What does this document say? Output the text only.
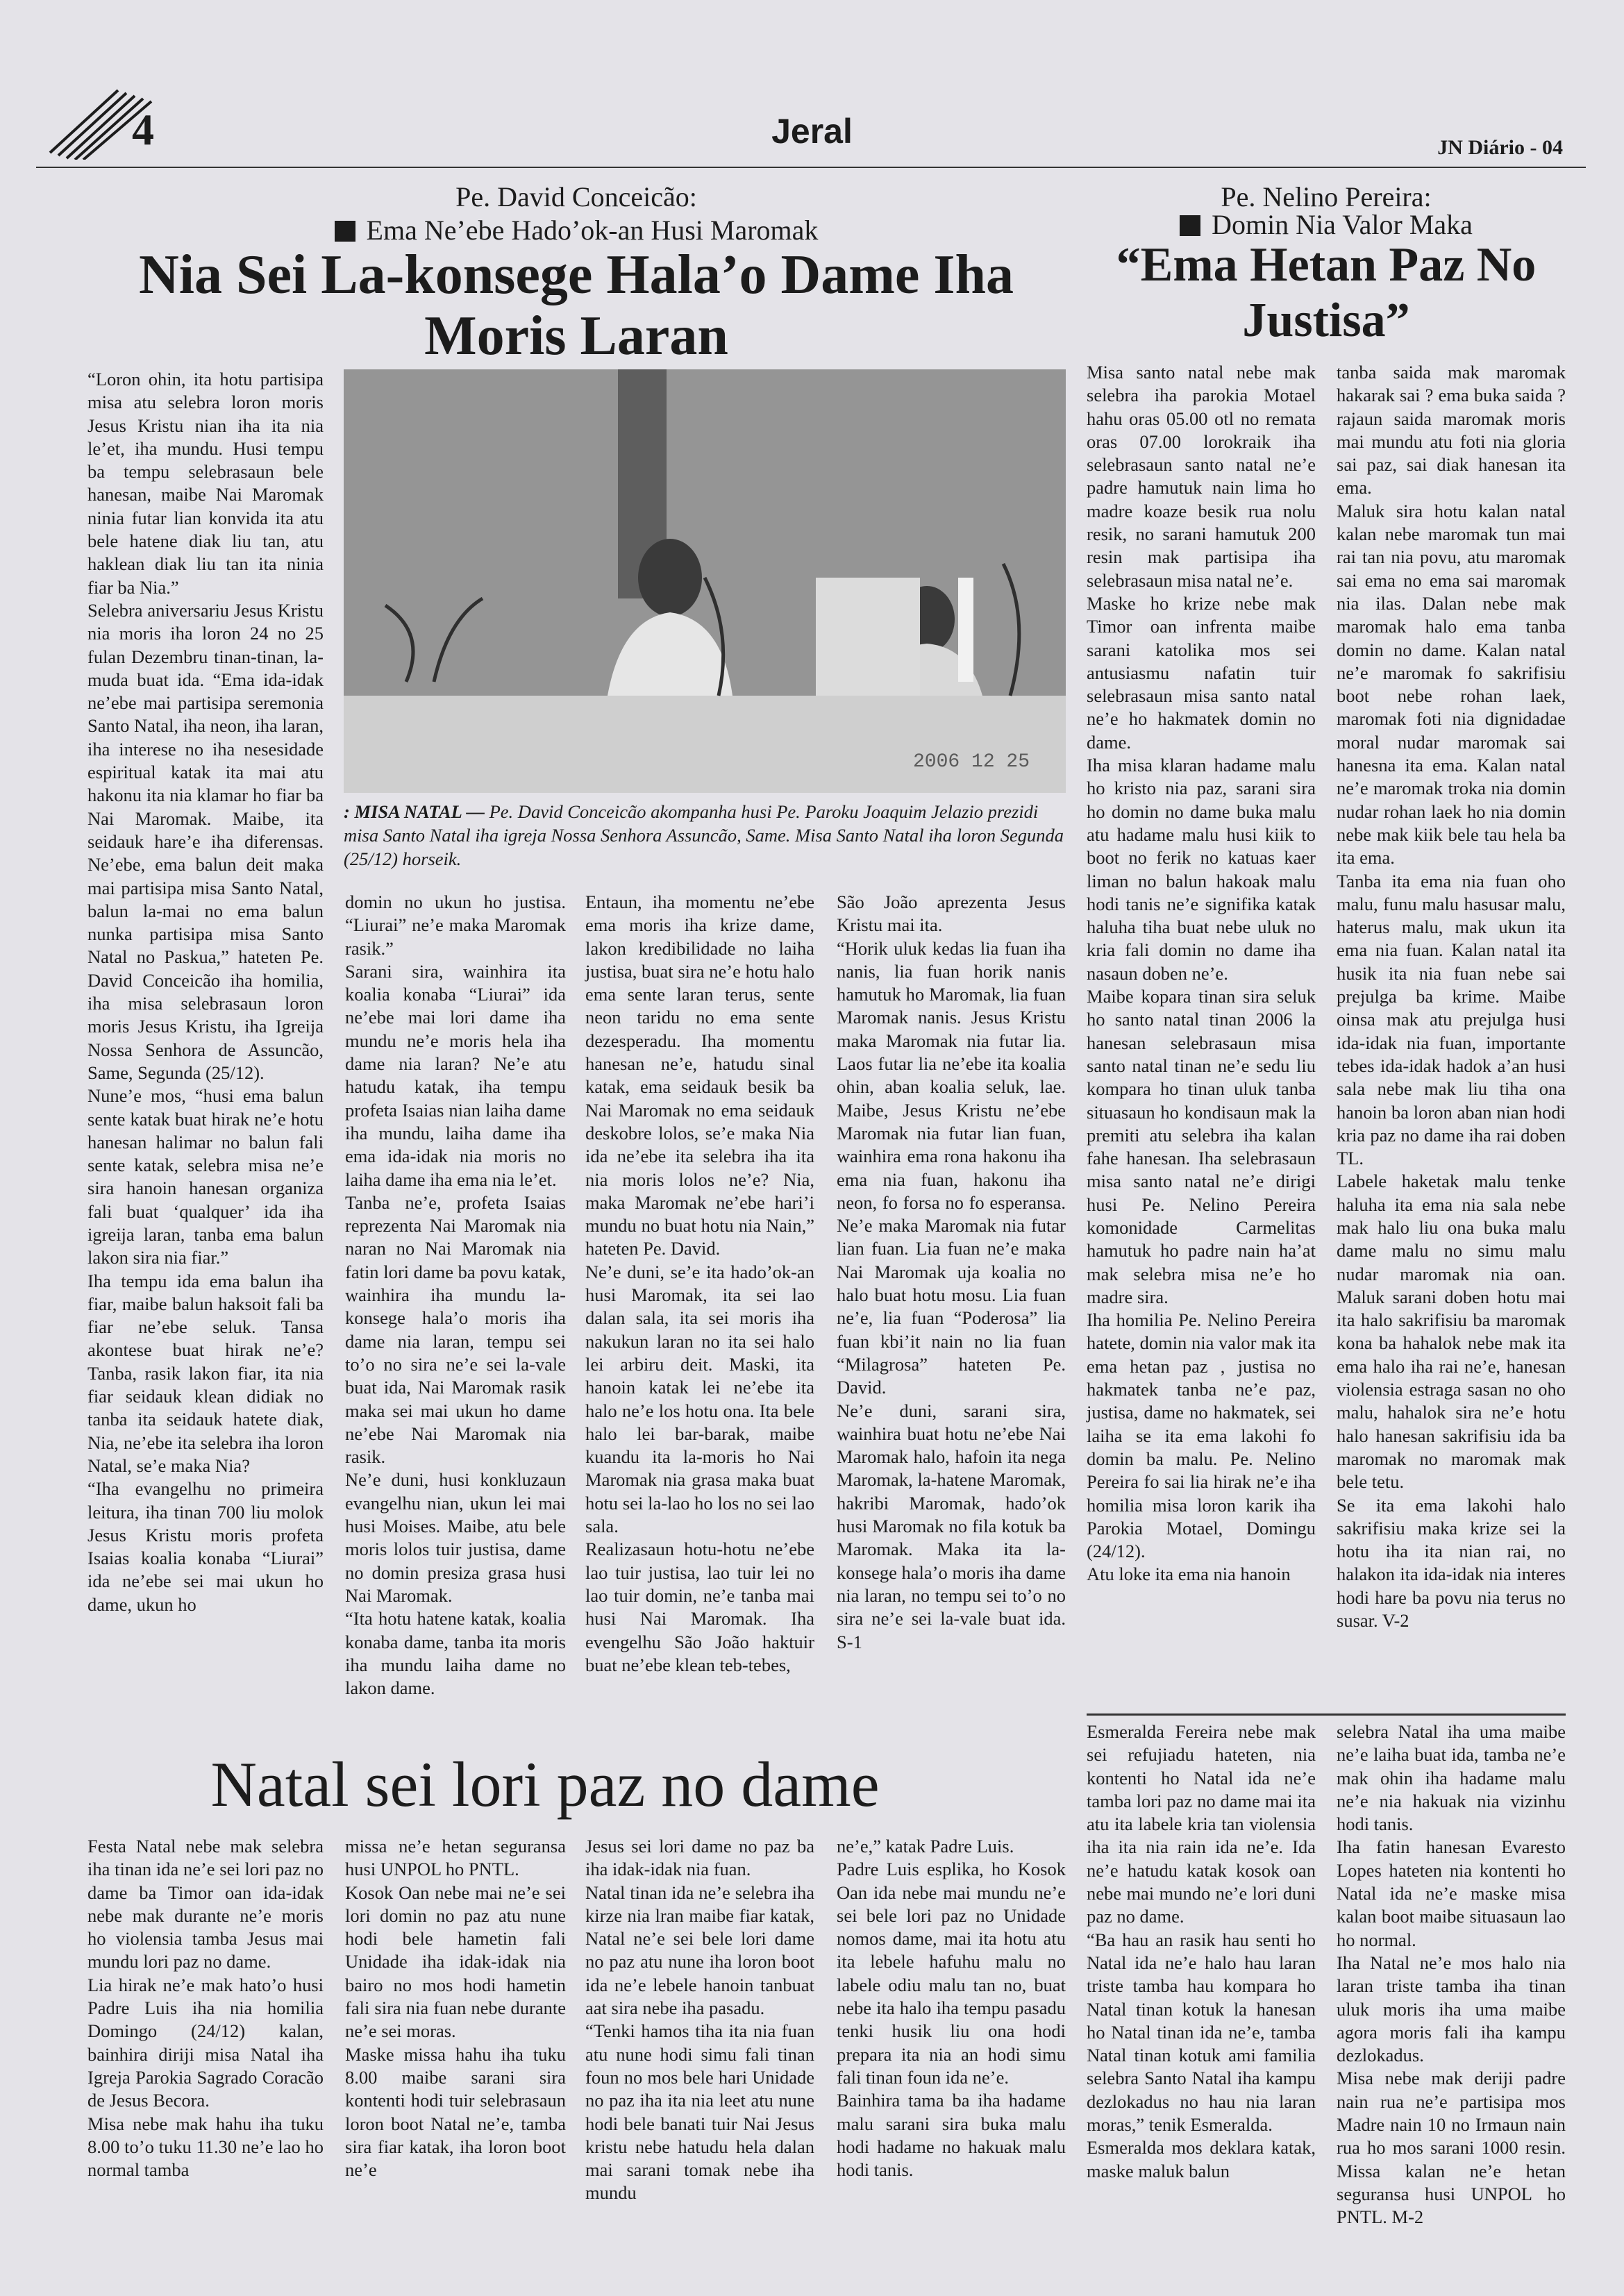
4	Jeral	JN Diário - 04
Pe. David Conceicão:
Ema Ne’ebe Hado’ok-an Husi Maromak
Nia Sei La-konsege Hala’o Dame Iha
Moris Laran
2006 12 25
: MISA NATAL — Pe. David Conceicão akompanha husi Pe. Paroku Joaquim Jelazio prezidi misa Santo Natal iha igreja Nossa Senhora Assuncão, Same. Misa Santo Natal iha loron Segunda (25/12) horseik.

“Loron ohin, ita hotu partisipa misa atu selebra loron moris Jesus Kristu nian iha ita nia le’et, iha mundu. Husi tempu ba tempu selebrasaun bele hanesan, maibe Nai Maromak ninia futar lian konvida ita atu bele hatene diak liu tan, atu haklean diak liu tan ita ninia fiar ba Nia.”

Selebra aniversariu Jesus Kristu nia moris iha loron 24 no 25 fulan Dezembru tinan-tinan, la-muda buat ida. “Ema ida-idak ne’ebe mai partisipa seremonia Santo Natal, iha neon, iha laran, iha interese no iha nesesidade espiritual katak ita mai atu hakonu ita nia klamar ho fiar ba Nai Maromak. Maibe, ita seidauk hare’e iha diferensas. Ne’ebe, ema balun deit maka mai partisipa misa Santo Natal, balun la-mai no ema balun nunka partisipa misa Santo Natal no Paskua,” hateten Pe. David Conceicão iha homilia, iha misa selebrasaun loron moris Jesus Kristu, iha Igreija Nossa Senhora de Assuncão, Same, Segunda (25/12).

Nune’e mos, “husi ema balun sente katak buat hirak ne’e hotu hanesan halimar no balun fali sente katak, selebra misa ne’e sira hanoin hanesan organiza fali buat ‘qualquer’ ida iha igreija laran, tanba ema balun lakon sira nia fiar.”

Iha tempu ida ema balun iha fiar, maibe balun haksoit fali ba fiar ne’ebe seluk. Tansa akontese buat hirak ne’e? Tanba, rasik lakon fiar, ita nia fiar seidauk klean didiak no tanba ita seidauk hatete diak, Nia, ne’ebe ita selebra iha loron Natal, se’e maka Nia?

“Iha evangelhu no primeira leitura, iha tinan 700 liu molok Jesus Kristu moris profeta Isaias koalia konaba “Liurai” ida ne’ebe sei mai ukun ho dame, ukun ho

domin no ukun ho justisa. “Liurai” ne’e maka Maromak rasik.”

Sarani sira, wainhira ita koalia konaba “Liurai” ida ne’ebe mai lori dame iha mundu ne’e moris hela iha dame nia laran? Ne’e atu hatudu katak, iha tempu profeta Isaias nian laiha dame iha mundu, laiha dame iha ema ida-idak nia moris no laiha dame iha ema nia le’et.

Tanba ne’e, profeta Isaias reprezenta Nai Maromak nia naran no Nai Maromak nia fatin lori dame ba povu katak, wainhira iha mundu la-konsege hala’o moris iha dame nia laran, tempu sei to’o no sira ne’e sei la-vale buat ida, Nai Maromak rasik maka sei mai ukun ho dame ne’ebe Nai Maromak nia rasik.

Ne’e duni, husi konkluzaun evangelhu nian, ukun lei mai husi Moises. Maibe, atu bele moris lolos tuir justisa, dame no domin presiza grasa husi Nai Maromak.

“Ita hotu hatene katak, koalia konaba dame, tanba ita moris iha mundu laiha dame no lakon dame.

Entaun, iha momentu ne’ebe ema moris iha krize dame, lakon kredibilidade no laiha justisa, buat sira ne’e hotu halo ema sente laran terus, sente neon taridu no ema sente dezesperadu. Iha momentu hanesan ne’e, hatudu sinal katak, ema seidauk besik ba Nai Maromak no ema seidauk deskobre lolos, se’e maka Nia ida ne’ebe ita selebra iha ita nia moris lolos ne’e? Nia, maka Maromak ne’ebe hari’i mundu no buat hotu nia Nain,” hateten Pe. David.

Ne’e duni, se’e ita hado’ok-an husi Maromak, ita sei lao dalan sala, ita sei moris iha nakukun laran no ita sei halo lei arbiru deit. Maski, ita hanoin katak lei ne’ebe ita halo ne’e los hotu ona. Ita bele halo lei bar-barak, maibe kuandu ita la-moris ho Nai Maromak nia grasa maka buat hotu sei la-lao ho los no sei lao sala.

Realizasaun hotu-hotu ne’ebe lao tuir justisa, lao tuir lei no lao tuir domin, ne’e tanba mai husi Nai Maromak. Iha evengelhu São João haktuir buat ne’ebe klean teb-tebes,

São João aprezenta Jesus Kristu mai ita.

“Horik uluk kedas lia fuan iha nanis, lia fuan horik nanis hamutuk ho Maromak, lia fuan Maromak nanis. Jesus Kristu maka Maromak nia futar lia. Laos futar lia ne’ebe ita koalia ohin, aban koalia seluk, lae. Maibe, Jesus Kristu ne’ebe Maromak nia futar lian fuan, wainhira ema rona hakonu iha ema nia fuan, hakonu iha neon, fo forsa no fo esperansa. Ne’e maka Maromak nia futar lian fuan. Lia fuan ne’e maka Nai Maromak uja koalia no halo buat hotu mosu. Lia fuan ne’e, lia fuan “Poderosa” lia fuan kbi’it nain no lia fuan “Milagrosa” hateten Pe. David.

Ne’e duni, sarani sira, wainhira buat hotu ne’ebe Nai Maromak halo, hafoin ita nega Maromak, la-hatene Maromak, hakribi Maromak, hado’ok husi Maromak no fila kotuk ba Maromak. Maka ita la-konsege hala’o moris iha dame nia laran, no tempu sei to’o no sira ne’e sei la-vale buat ida. S-1

Pe. Nelino Pereira:
Domin Nia Valor Maka
“Ema Hetan Paz No
Justisa”

Misa santo natal nebe mak selebra iha parokia Motael hahu oras 05.00 otl no remata oras 07.00 lorokraik iha selebrasaun santo natal ne’e padre hamutuk nain lima ho madre koaze besik rua nolu resik, no sarani hamutuk 200 resin mak partisipa iha selebrasaun misa natal ne’e.

Maske ho krize nebe mak Timor oan infrenta maibe sarani katolika mos sei antusiasmu nafatin tuir selebrasaun misa santo natal ne’e ho hakmatek domin no dame.

Iha misa klaran hadame malu ho kristo nia paz, sarani sira ho domin no dame buka malu atu hadame malu husi kiik to boot no ferik no katuas kaer liman no balun hakoak malu hodi tanis ne’e signifika katak haluha tiha buat nebe uluk no kria fali domin no dame iha nasaun doben ne’e.

Maibe kopara tinan sira seluk ho santo natal tinan 2006 la hanesan selebrasaun misa santo natal tinan ne’e sedu liu kompara ho tinan uluk tanba situasaun ho kondisaun mak la premiti atu selebra iha kalan fahe hanesan. Iha selebrasaun misa santo natal ne’e dirigi husi Pe. Nelino Pereira komonidade Carmelitas hamutuk ho padre nain ha’at mak selebra misa ne’e ho madre sira.

Iha homilia Pe. Nelino Pereira hatete, domin nia valor mak ita ema hetan paz , justisa no hakmatek tanba ne’e paz, justisa, dame no hakmatek, sei laiha se ita ema lakohi fo domin ba malu. Pe. Nelino Pereira fo sai lia hirak ne’e iha homilia misa loron karik iha Parokia Motael, Domingu (24/12).

Atu loke ita ema nia hanoin

tanba saida mak maromak hakarak sai ? ema buka saida ? rajaun saida maromak moris mai mundu atu foti nia gloria sai paz, sai diak hanesan ita ema.

Maluk sira hotu kalan natal kalan nebe maromak tun mai rai tan nia povu, atu maromak sai ema no ema sai maromak nia ilas. Dalan nebe mak maromak halo ema tanba domin no dame. Kalan natal ne’e maromak fo sakrifisiu boot nebe rohan laek, maromak foti nia dignidadae moral nudar maromak sai hanesna ita ema. Kalan natal ne’e maromak troka nia domin nudar rohan laek ho nia domin nebe mak kiik bele tau hela ba ita ema.

Tanba ita ema nia fuan oho malu, funu malu hasusar malu, haterus malu, mak ukun ita ema nia fuan. Kalan natal ita husik ita nia fuan nebe sai prejulga ba krime. Maibe oinsa mak atu prejulga husi ida-idak nia fuan, importante tebes ida-idak hadok a’an husi sala nebe mak liu tiha ona hanoin ba loron aban nian hodi kria paz no dame iha rai doben TL.

Labele haketak malu tenke haluha ita ema nia sala nebe mak halo liu ona buka malu dame malu no simu malu nudar maromak nia oan. Maluk sarani doben hotu mai ita halo sakrifisiu ba maromak kona ba hahalok nebe mak ita ema halo iha rai ne’e, hanesan violensia estraga sasan no oho malu, hahalok sira ne’e hotu halo hanesan sakrifisiu ida ba maromak no maromak mak bele tetu.

Se ita ema lakohi halo sakrifisiu maka krize sei la hotu iha ita nian rai, no halakon ita ida-idak nia interes hodi hare ba povu nia terus no susar. V-2

Natal sei lori paz no dame

Festa Natal nebe mak selebra iha tinan ida ne’e sei lori paz no dame ba Timor oan ida-idak nebe mak durante ne’e moris ho violensia tamba Jesus mai mundu lori paz no dame.

Lia hirak ne’e mak hato’o husi Padre Luis iha nia homilia Domingo (24/12) kalan, bainhira diriji misa Natal iha Igreja Parokia Sagrado Coracão de Jesus Becora.

Misa nebe mak hahu iha tuku 8.00 to’o tuku 11.30 ne’e lao ho normal tamba

missa ne’e hetan seguransa husi UNPOL ho PNTL.

Kosok Oan nebe mai ne’e sei lori domin no paz atu nune hodi bele hametin fali Unidade iha idak-idak nia bairo no mos hodi hametin fali sira nia fuan nebe durante ne’e sei moras.

Maske missa hahu iha tuku 8.00 maibe sarani sira kontenti hodi tuir selebrasaun loron boot Natal ne’e, tamba sira fiar katak, iha loron boot ne’e

Jesus sei lori dame no paz ba iha idak-idak nia fuan.

Natal tinan ida ne’e selebra iha kirze nia lran maibe fiar katak, Natal ne’e sei bele lori dame no paz atu nune iha loron boot ida ne’e lebele hanoin tanbuat aat sira nebe iha pasadu.

“Tenki hamos tiha ita nia fuan atu nune hodi simu fali tinan foun no mos bele hari Unidade no paz iha ita nia leet atu nune hodi bele banati tuir Nai Jesus kristu nebe hatudu hela dalan mai sarani tomak nebe iha mundu

ne’e,” katak Padre Luis.

Padre Luis esplika, ho Kosok Oan ida nebe mai mundu ne’e sei bele lori paz no Unidade nomos dame, mai ita hotu atu ita lebele hafuhu malu no labele odiu malu tan no, buat nebe ita halo iha tempu pasadu tenki husik liu ona hodi prepara ita nia an hodi simu fali tinan foun ida ne’e.

Bainhira tama ba iha hadame malu sarani sira buka malu hodi hadame no hakuak malu hodi tanis.

Esmeralda Fereira nebe mak sei refujiadu hateten, nia kontenti ho Natal ida ne’e tamba lori paz no dame mai ita atu ita labele kria tan violensia iha ita nia rain ida ne’e. Ida ne’e hatudu katak kosok oan nebe mai mundo ne’e lori duni paz no dame.

“Ba hau an rasik hau senti ho Natal ida ne’e halo hau laran triste tamba hau kompara ho Natal tinan kotuk la hanesan ho Natal tinan ida ne’e, tamba Natal tinan kotuk ami familia selebra Santo Natal iha kampu dezlokadus no hau nia laran moras,” tenik Esmeralda.

Esmeralda mos deklara katak, maske maluk balun

selebra Natal iha uma maibe ne’e laiha buat ida, tamba ne’e mak ohin iha hadame malu ne’e nia hakuak nia vizinhu hodi tanis.

Iha fatin hanesan Evaresto Lopes hateten nia kontenti ho Natal ida ne’e maske misa kalan boot maibe situasaun lao ho normal.

Iha Natal ne’e mos halo nia laran triste tamba iha tinan uluk moris iha uma maibe agora moris fali iha kampu dezlokadus.

Misa nebe mak deriji padre nain rua ne’e partisipa mos Madre nain 10 no Irmaun nain rua ho mos sarani 1000 resin. Missa kalan ne’e hetan seguransa husi UNPOL ho PNTL. M-2
